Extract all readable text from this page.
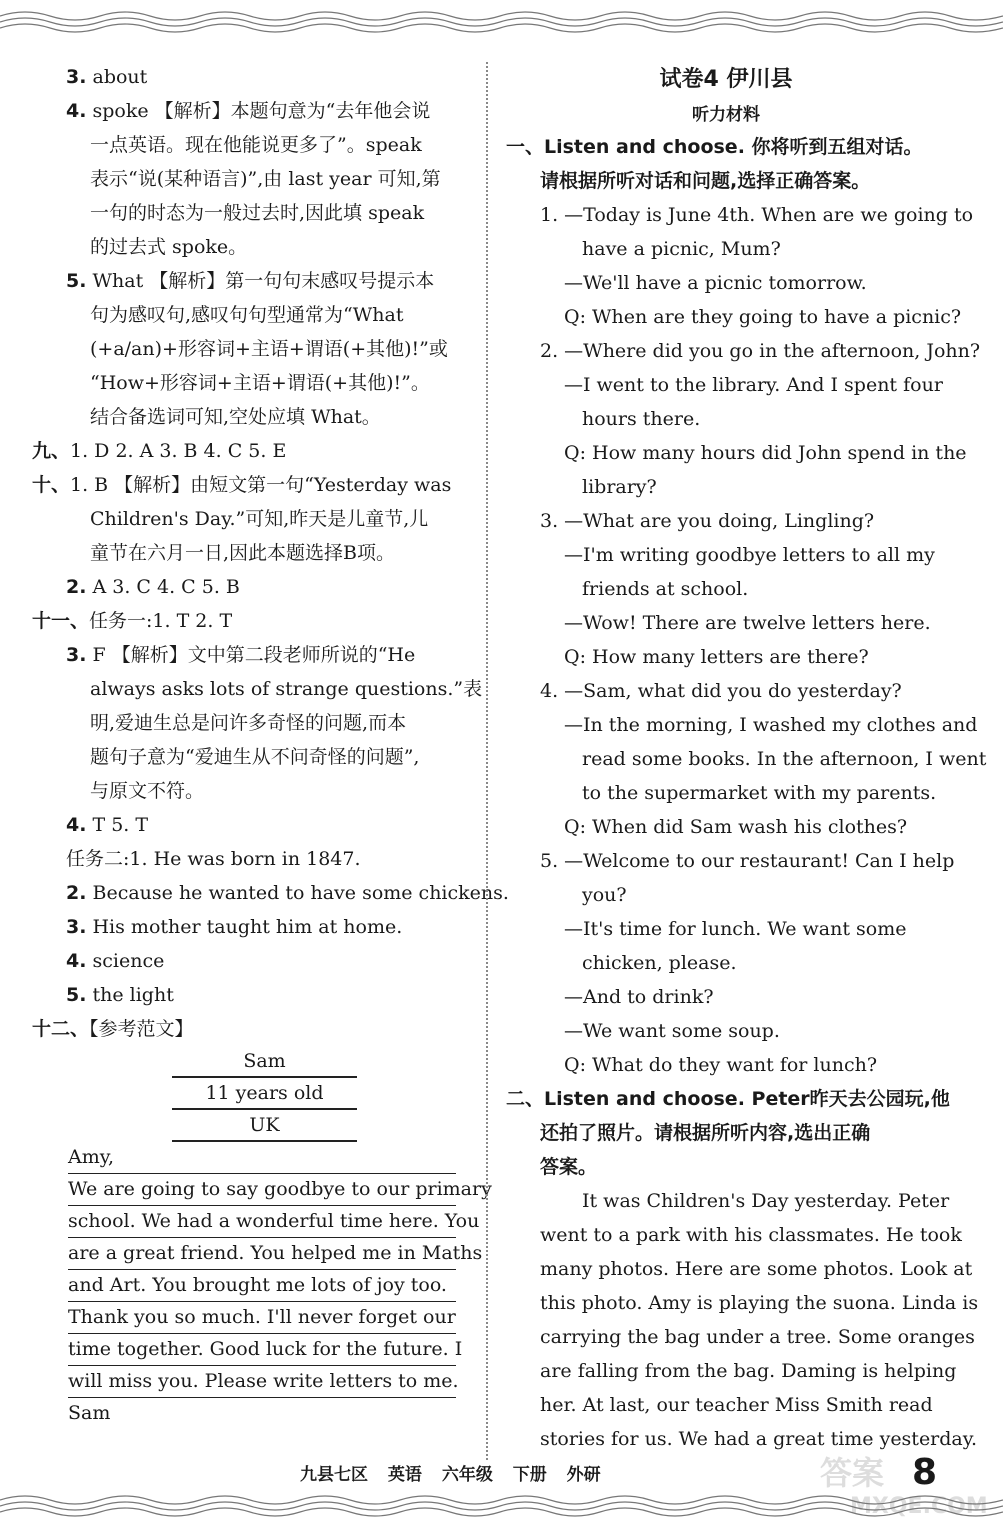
3. about
4. spoke 【解析】本题句意为“去年他会说
一点英语。现在他能说更多了”。speak
表示“说(某种语言)”,由 last year 可知,第
一句的时态为一般过去时,因此填 speak
的过去式 spoke。
5. What 【解析】第一句句末感叹号提示本
句为感叹句,感叹句句型通常为“What
(+a/an)+形容词+主语+谓语(+其他)!”或
“How+形容词+主语+谓语(+其他)!”。
结合备选词可知,空处应填 What。
九、1. D 2. A 3. B 4. C 5. E
十、1. B 【解析】由短文第一句“Yesterday was
Children's Day.”可知,昨天是儿童节,儿
童节在六月一日,因此本题选择B项。
2. A 3. C 4. C 5. B
十一、任务一:1. T 2. T
3. F 【解析】文中第二段老师所说的“He
always asks lots of strange questions.”表
明,爱迪生总是问许多奇怪的问题,而本
题句子意为“爱迪生从不问奇怪的问题”,
与原文不符。
4. T 5. T
任务二:1. He was born in 1847.
2. Because he wanted to have some chickens.
3. His mother taught him at home.
4. science
5. the light
十二、【参考范文】
Sam
11 years old
UK
Amy,
We are going to say goodbye to our primary
school. We had a wonderful time here. You
are a great friend. You helped me in Maths
and Art. You brought me lots of joy too.
Thank you so much. I'll never forget our
time together. Good luck for the future. I
will miss you. Please write letters to me.
Sam
试卷4 伊川县
听力材料
一、Listen and choose. 你将听到五组对话。
请根据所听对话和问题,选择正确答案。
1. —Today is June 4th. When are we going to
have a picnic, Mum?
—We'll have a picnic tomorrow.
Q: When are they going to have a picnic?
2. —Where did you go in the afternoon, John?
—I went to the library. And I spent four
hours there.
Q: How many hours did John spend in the
library?
3. —What are you doing, Lingling?
—I'm writing goodbye letters to all my
friends at school.
—Wow! There are twelve letters here.
Q: How many letters are there?
4. —Sam, what did you do yesterday?
—In the morning, I washed my clothes and
read some books. In the afternoon, I went
to the supermarket with my parents.
Q: When did Sam wash his clothes?
5. —Welcome to our restaurant! Can I help
you?
—It's time for lunch. We want some
chicken, please.
—And to drink?
—We want some soup.
Q: What do they want for lunch?
二、Listen and choose. Peter昨天去公园玩,他
还拍了照片。请根据所听内容,选出正确
答案。
It was Children's Day yesterday. Peter
went to a park with his classmates. He took
many photos. Here are some photos. Look at
this photo. Amy is playing the suona. Linda is
carrying the bag under a tree. Some oranges
are falling from the bag. Daming is helping
her. At last, our teacher Miss Smith read
stories for us. We had a great time yesterday.
九县七区 英语 六年级 下册 外研	答案
MXQE.COM
8
